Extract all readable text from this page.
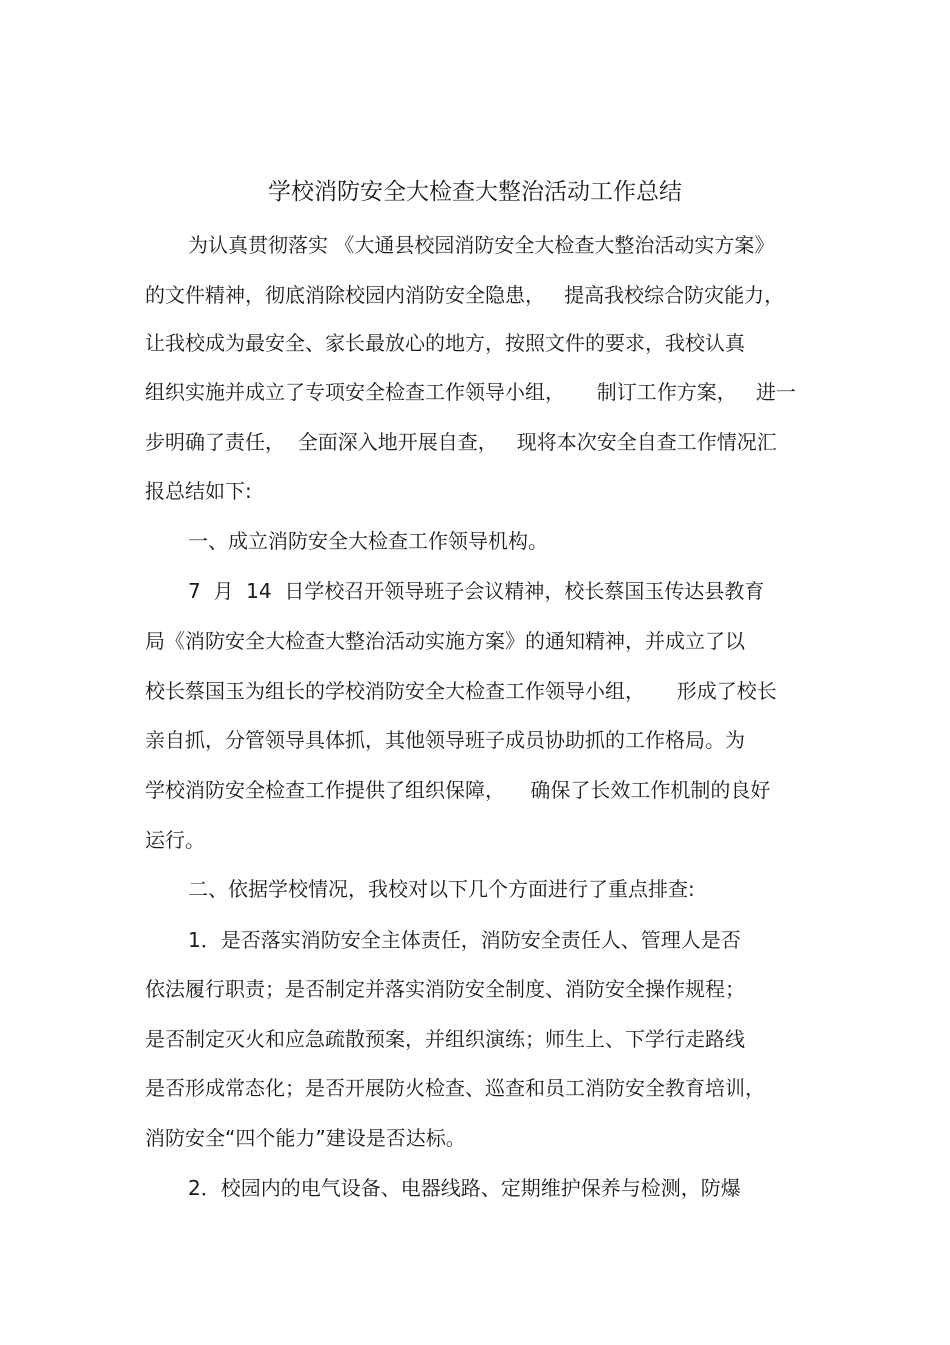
学校消防安全大检查大整治活动工作总结
为认真贯彻落实 《大通县校园消防安全大检查大整治活动实方案》
的文件精神，彻底消除校园内消防安全隐患，   提高我校综合防灾能力，
让我校成为最安全、家长最放心的地方，按照文件的要求，我校认真
组织实施并成立了专项安全检查工作领导小组，     制订工作方案，   进一
步明确了责任，  全面深入地开展自查，   现将本次安全自查工作情况汇
报总结如下:
一、成立消防安全大检查工作领导机构。
7  月  14  日学校召开领导班子会议精神，校长蔡国玉传达县教育
局《消防安全大检查大整治活动实施方案》的通知精神，并成立了以
校长蔡国玉为组长的学校消防安全大检查工作领导小组，     形成了校长
亲自抓，分管领导具体抓，其他领导班子成员协助抓的工作格局。为
学校消防安全检查工作提供了组织保障，    确保了长效工作机制的良好
运行。
二、依据学校情况，我校对以下几个方面进行了重点排查:
1．是否落实消防安全主体责任，消防安全责任人、管理人是否
依法履行职责；是否制定并落实消防安全制度、消防安全操作规程；
是否制定灭火和应急疏散预案，并组织演练；师生上、下学行走路线
是否形成常态化；是否开展防火检查、巡查和员工消防安全教育培训，
消防安全“四个能力”建设是否达标。
2．校园内的电气设备、电器线路、定期维护保养与检测，防爆
